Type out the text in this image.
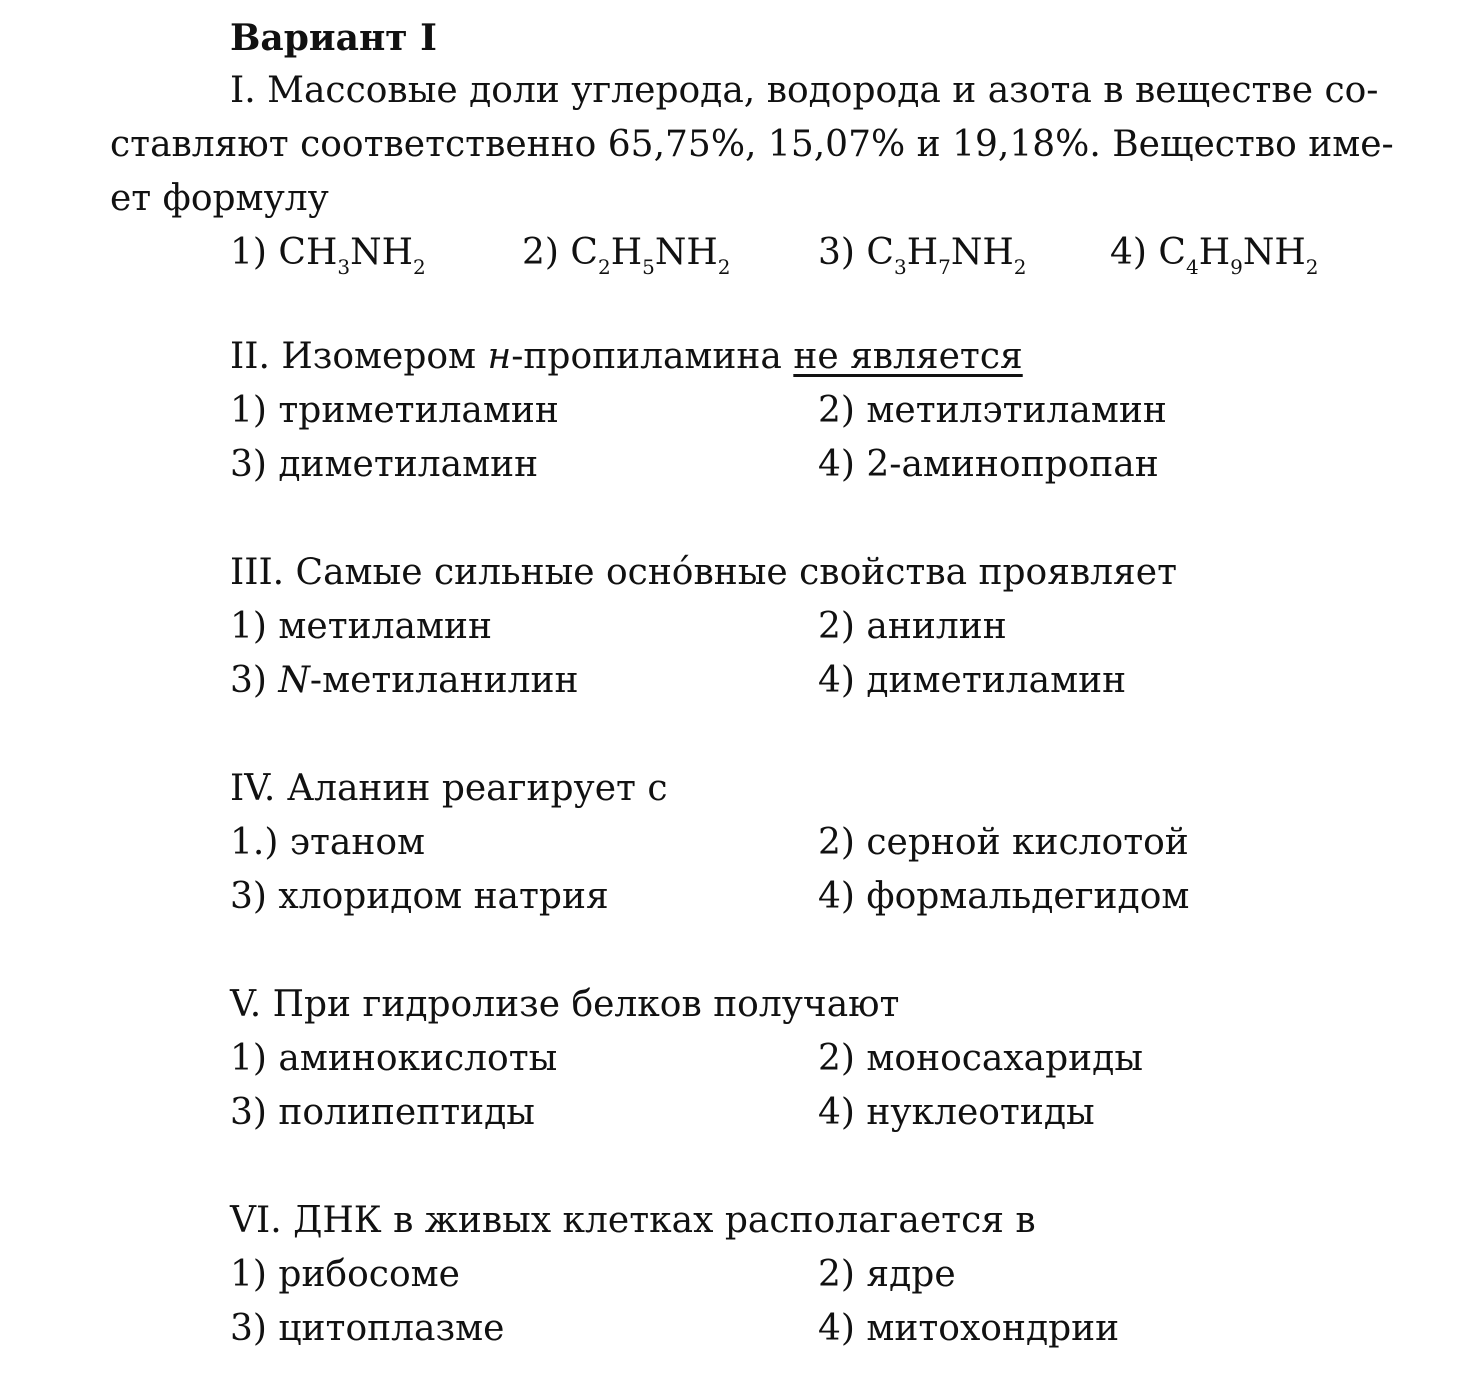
Вариант I
I. Массовые доли углерода, водорода и азота в веществе со-
ставляют соответственно 65,75%, 15,07% и 19,18%. Вещество име-
ет формулу
1) $CH_3NH_2$	2) $C_2H_5NH_2$ 3) $C_3H_7NH_2$ 4) $C_4H_9NH_2$
II. Изомером н-пропиламина не является
1) триметиламин	2) метилэтиламин
3) диметиламин	4) 2-аминопропан
III. Самые сильные осно́вные свойства проявляет
1) метиламин	2) анилин
3) N-метиланилин	4) диметиламин
IV. Аланин реагирует с
1.) этаном	2) серной кислотой
3) хлоридом натрия	4) формальдегидом
V. При гидролизе белков получают
1) аминокислоты	2) моносахариды
3) полипептиды	4) нуклеотиды
VI. ДНК в живых клетках располагается в
1) рибосоме	2) ядре
3) цитоплазме	4) митохондрии
